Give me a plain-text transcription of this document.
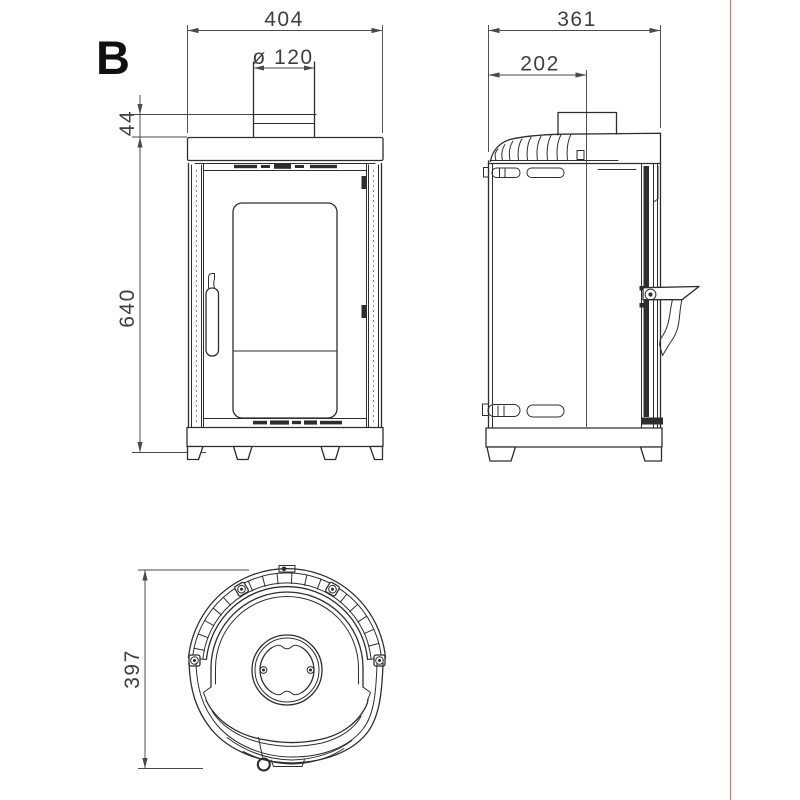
B
404
ø 120
44
640
361
202
397
